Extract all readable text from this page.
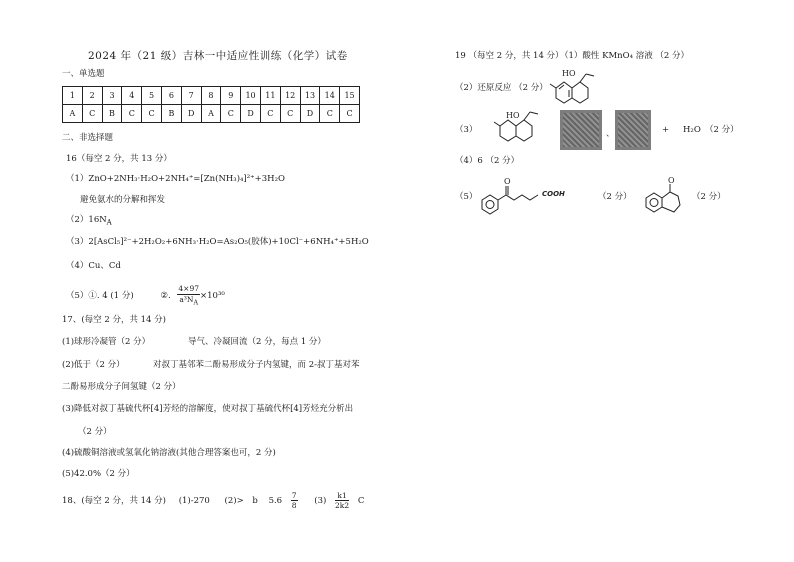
2024 年（21 级）吉林一中适应性训练（化学）试卷
一、单选题
1	2	3	4	5	6	7	8	9	10	11	12	13	14	15
A	C	B	C	C	B	D	A	C	D	C	C	D	C	C
二、非选择题
16（每空 2 分，共 13 分）
（1）ZnO+2NH₃·H₂O+2NH₄⁺=[Zn(NH₃)₄]²⁺+3H₂O
避免氨水的分解和挥发
$(2)16N_A$
（3）2[AsCl₅]²⁻+2H₂O₂+6NH₃·H₂O=As₂O₅(胶体)+10Cl⁻+6NH₄⁺+5H₂O
（4）Cu、Cd
（5）①. 4 (1 分)	②. $\frac{4\times 97}{a^3N_A} \times 10^{30}$
17、(每空 2 分，共 14 分)
(1)球形冷凝管（2 分）	导气、冷凝回流（2 分，每点 1 分）
(2)低于（2 分）	对叔丁基邻苯二酚易形成分子内氢键，而 2-叔丁基对苯
二酚易形成分子间氢键（2 分）
(3)降低对叔丁基硫代杯[4]芳烃的溶解度，使对叔丁基硫代杯[4]芳烃充分析出
（2 分）
(4)硫酸铜溶液或氢氧化钠溶液(其他合理答案也可，2 分)
(5)42.0%（2 分）
18、(每空 2 分，共 14 分) (1)-270 (2)> b $5.6 \frac{7}{8} (3) \frac{k1}{2k2}$ C
19 （每空 2 分，共 14 分）
（1）酸性 KMnO₄ 溶液 （2 分）
HO
（2）还原反应 （2 分）
HO
（3）	、	+ H₂O （2 分）
（4）6 （2 分）
（5）
O
COOH	（2 分）
O
（2 分）
